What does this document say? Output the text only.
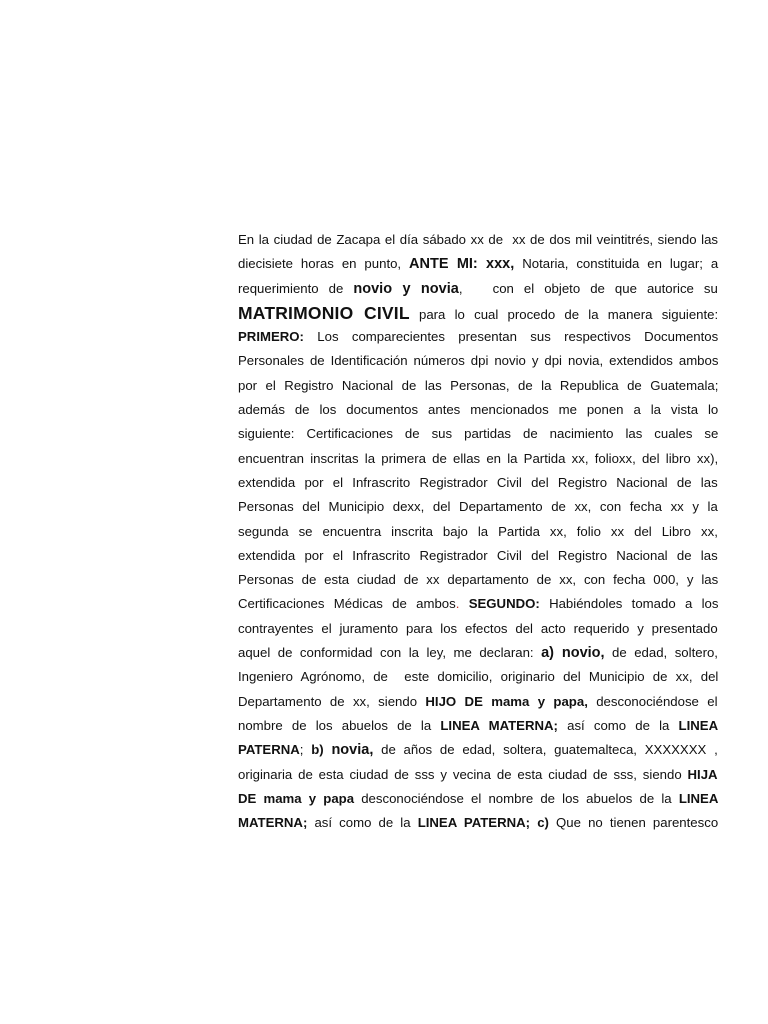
En la ciudad de Zacapa el día sábado xx de  xx de dos mil veintitrés, siendo las
diecisiete horas en punto, ANTE MI: xxx, Notaria, constituida en lugar; a
requerimiento de novio y novia,   con el objeto de que autorice su
MATRIMONIO CIVIL para lo cual procedo de la manera siguiente:
PRIMERO: Los comparecientes presentan sus respectivos Documentos
Personales de Identificación números dpi novio y dpi novia, extendidos ambos
por el Registro Nacional de las Personas, de la Republica de Guatemala;
además de los documentos antes mencionados me ponen a la vista lo
siguiente: Certificaciones de sus partidas de nacimiento las cuales se
encuentran inscritas la primera de ellas en la Partida xx, folioxx, del libro xx),
extendida por el Infrascrito Registrador Civil del Registro Nacional de las
Personas del Municipio dexx, del Departamento de xx, con fecha xx y la
segunda se encuentra inscrita bajo la Partida xx, folio xx del Libro xx,
extendida por el Infrascrito Registrador Civil del Registro Nacional de las
Personas de esta ciudad de xx departamento de xx, con fecha 000, y las
Certificaciones Médicas de ambos. SEGUNDO: Habiéndoles tomado a los
contrayentes el juramento para los efectos del acto requerido y presentado
aquel de conformidad con la ley, me declaran: a) novio, de edad, soltero,
Ingeniero Agrónomo, de  este domicilio, originario del Municipio de xx, del
Departamento de xx, siendo HIJO DE mama y papa, desconociéndose el
nombre de los abuelos de la LINEA MATERNA; así como de la LINEA
PATERNA; b) novia, de años de edad, soltera, guatemalteca, XXXXXXX ,
originaria de esta ciudad de sss y vecina de esta ciudad de sss, siendo HIJA
DE mama y papa desconociéndose el nombre de los abuelos de la LINEA
MATERNA; así como de la LINEA PATERNA; c) Que no tienen parentesco
